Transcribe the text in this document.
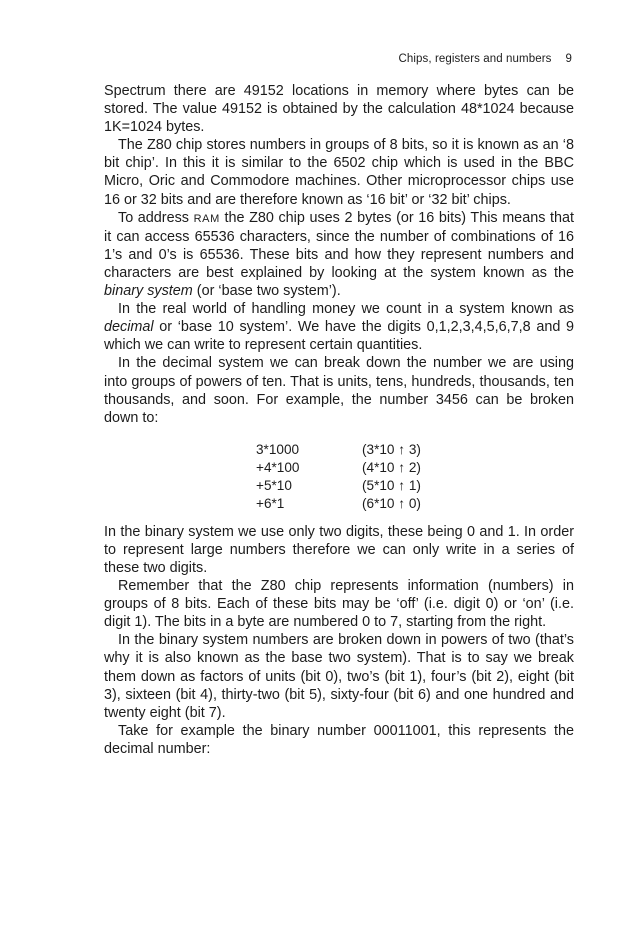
Chips, registers and numbers 9

Spectrum there are 49152 locations in memory where bytes can be stored. The value 49152 is obtained by the calculation 48*1024 because 1K=1024 bytes.

The Z80 chip stores numbers in groups of 8 bits, so it is known as an ‘8 bit chip’. In this it is similar to the 6502 chip which is used in the BBC Micro, Oric and Commodore machines. Other microprocessor chips use 16 or 32 bits and are therefore known as ‘16 bit’ or ‘32 bit’ chips.

To address RAM the Z80 chip uses 2 bytes (or 16 bits) This means that it can access 65536 characters, since the number of combinations of 16 1’s and 0’s is 65536. These bits and how they represent numbers and characters are best explained by looking at the system known as the binary system (or ‘base two system’).

In the real world of handling money we count in a system known as decimal or ‘base 10 system’. We have the digits 0,1,2,3,4,5,6,7,8 and 9 which we can write to represent certain quantities.

In the decimal system we can break down the number we are using into groups of powers of ten. That is units, tens, hundreds, thousands, ten thousands, and soon. For example, the number 3456 can be broken down to:

3*1000	(3*10 ↑ 3)
+4*100	(4*10 ↑ 2)
+5*10	(5*10 ↑ 1)
+6*1	(6*10 ↑ 0)

In the binary system we use only two digits, these being 0 and 1. In order to represent large numbers therefore we can only write in a series of these two digits.

Remember that the Z80 chip represents information (numbers) in groups of 8 bits. Each of these bits may be ‘off’ (i.e. digit 0) or ‘on’ (i.e. digit 1). The bits in a byte are numbered 0 to 7, starting from the right.

In the binary system numbers are broken down in powers of two (that’s why it is also known as the base two system). That is to say we break them down as factors of units (bit 0), two’s (bit 1), four’s (bit 2), eight (bit 3), sixteen (bit 4), thirty-two (bit 5), sixty-four (bit 6) and one hundred and twenty eight (bit 7).

Take for example the binary number 00011001, this represents the decimal number:
